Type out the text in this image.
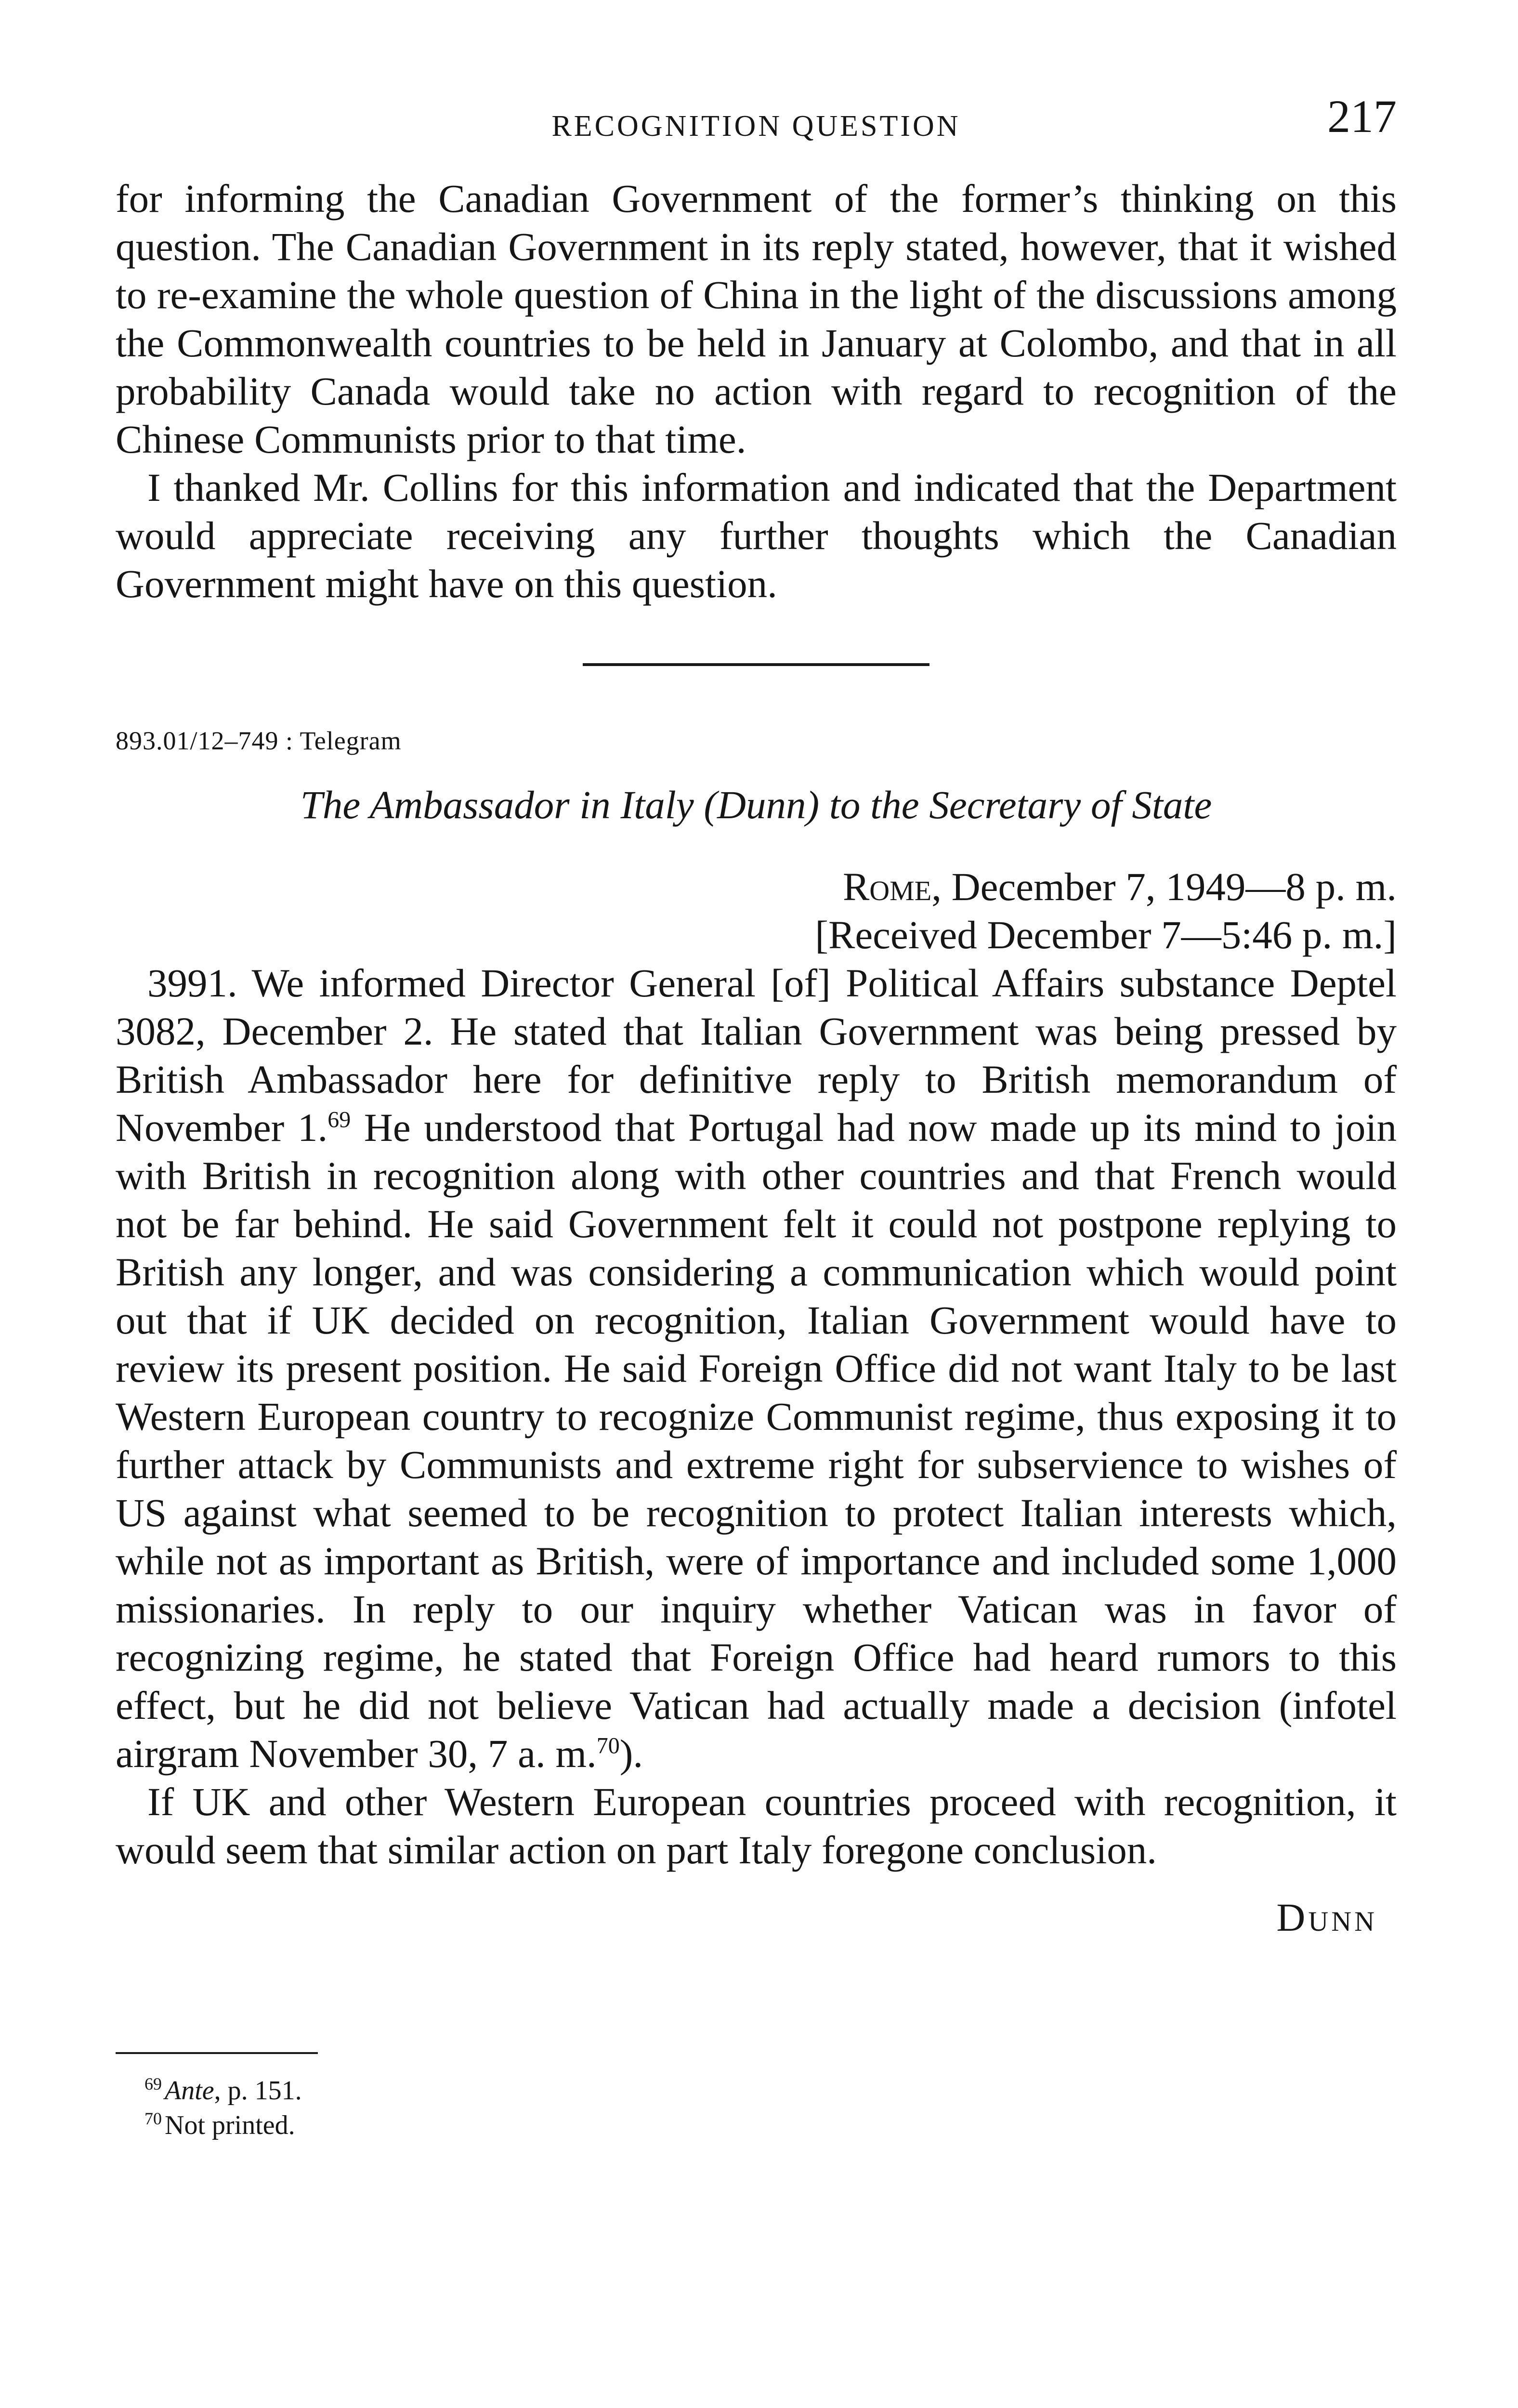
RECOGNITION QUESTION	217

for informing the Canadian Government of the former’s thinking on this question. The Canadian Government in its reply stated, however, that it wished to re-examine the whole question of China in the light of the discussions among the Commonwealth countries to be held in January at Colombo, and that in all probability Canada would take no action with regard to recognition of the Chinese Communists prior to that time.

I thanked Mr. Collins for this information and indicated that the Department would appreciate receiving any further thoughts which the Canadian Government might have on this question.

893.01/12–749 : Telegram
The Ambassador in Italy (Dunn) to the Secretary of State
Rome, December 7, 1949—8 p. m.
[Received December 7—5:46 p. m.]

3991. We informed Director General [of] Political Affairs substance Deptel 3082, December 2. He stated that Italian Government was being pressed by British Ambassador here for definitive reply to British memorandum of November 1.69 He understood that Portugal had now made up its mind to join with British in recognition along with other countries and that French would not be far behind. He said Government felt it could not postpone replying to British any longer, and was considering a communication which would point out that if UK decided on recognition, Italian Government would have to review its present position. He said Foreign Office did not want Italy to be last Western European country to recognize Communist regime, thus exposing it to further attack by Communists and extreme right for subservience to wishes of US against what seemed to be recognition to protect Italian interests which, while not as important as British, were of importance and included some 1,000 missionaries. In reply to our inquiry whether Vatican was in favor of recognizing regime, he stated that Foreign Office had heard rumors to this effect, but he did not believe Vatican had actually made a decision (infotel airgram November 30, 7 a. m.$^{70}$).

If UK and other Western European countries proceed with recognition, it would seem that similar action on part Italy foregone conclusion.

Dunn
$^{69}$ Ante, p. 151.
$^{70}$ Not printed.
